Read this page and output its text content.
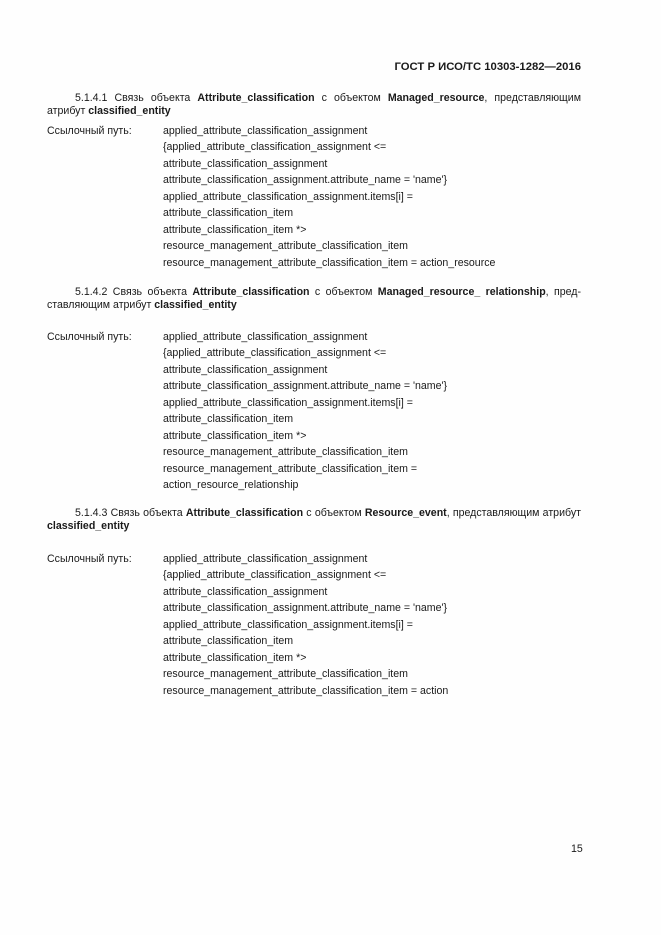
ГОСТ Р ИСО/ТС 10303-1282—2016
5.1.4.1 Связь объекта Attribute_classification с объектом Managed_resource, представляющим атрибут classified_entity
Ссылочный путь:	applied_attribute_classification_assignment
{applied_attribute_classification_assignment <=
attribute_classification_assignment
attribute_classification_assignment.attribute_name = 'name'}
applied_attribute_classification_assignment.items[i] =
attribute_classification_item
attribute_classification_item *>
resource_management_attribute_classification_item
resource_management_attribute_classification_item = action_resource
5.1.4.2 Связь объекта Attribute_classification с объектом Managed_resource_ relationship, представляющим атрибут classified_entity
Ссылочный путь:	applied_attribute_classification_assignment
{applied_attribute_classification_assignment <=
attribute_classification_assignment
attribute_classification_assignment.attribute_name = 'name'}
applied_attribute_classification_assignment.items[i] =
attribute_classification_item
attribute_classification_item *>
resource_management_attribute_classification_item
resource_management_attribute_classification_item =
action_resource_relationship
5.1.4.3 Связь объекта Attribute_classification с объектом Resource_event, представляющим атрибут classified_entity
Ссылочный путь:	applied_attribute_classification_assignment
{applied_attribute_classification_assignment <=
attribute_classification_assignment
attribute_classification_assignment.attribute_name = 'name'}
applied_attribute_classification_assignment.items[i] =
attribute_classification_item
attribute_classification_item *>
resource_management_attribute_classification_item
resource_management_attribute_classification_item = action
15
